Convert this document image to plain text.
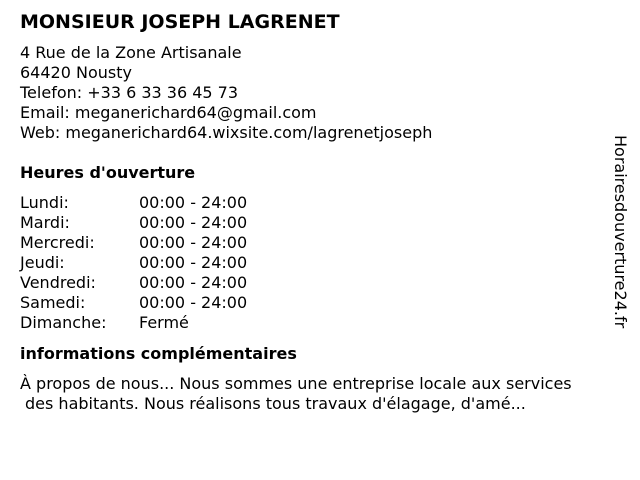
MONSIEUR JOSEPH LAGRENET
4 Rue de la Zone Artisanale
64420 Nousty
Telefon: +33 6 33 36 45 73
Email: meganerichard64@gmail.com
Web: meganerichard64.wixsite.com/lagrenetjoseph
Heures d'ouverture
Lundi:	00:00 - 24:00
Mardi:	00:00 - 24:00
Mercredi:	00:00 - 24:00
Jeudi:	00:00 - 24:00
Vendredi:	00:00 - 24:00
Samedi:	00:00 - 24:00
Dimanche:	Fermé
informations complémentaires
À propos de nous... Nous sommes une entreprise locale aux services
des habitants. Nous réalisons tous travaux d'élagage, d'amé...
Horairesdouverture24.fr
